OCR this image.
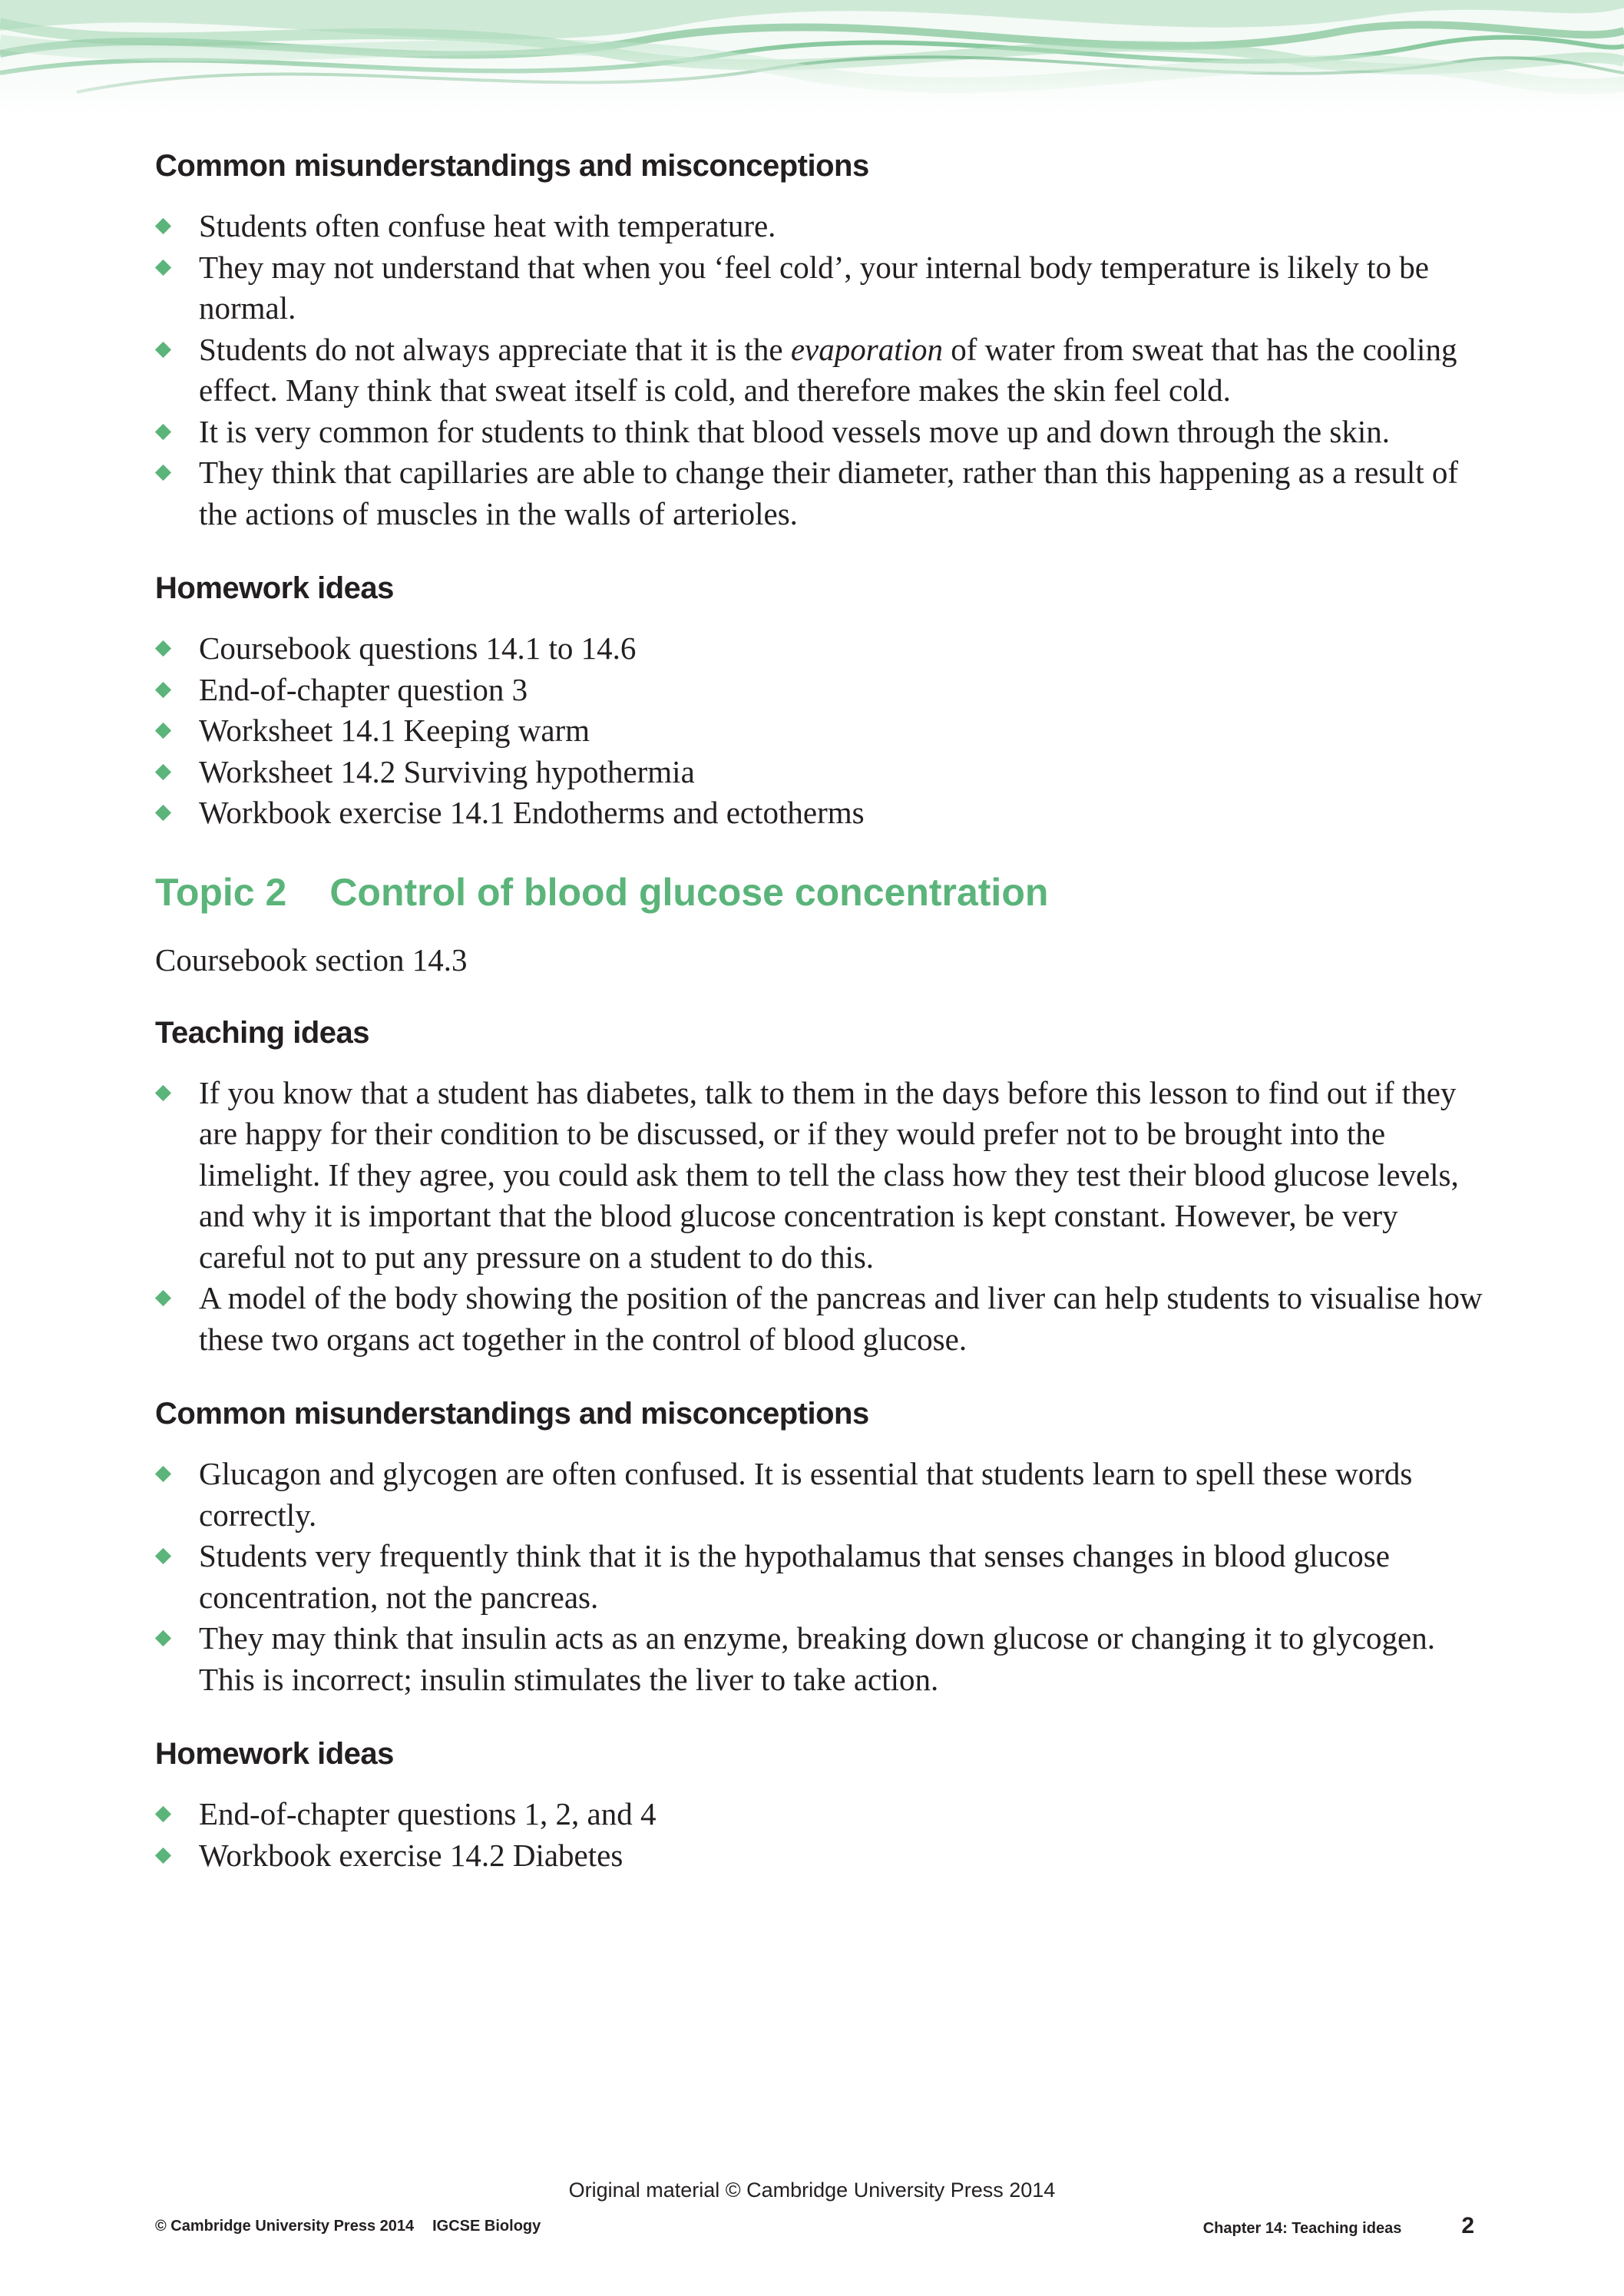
Common misunderstandings and misconceptions
Students often confuse heat with temperature.
They may not understand that when you ‘feel cold’, your internal body temperature is likely to be normal.
Students do not always appreciate that it is the evaporation of water from sweat that has the cooling effect. Many think that sweat itself is cold, and therefore makes the skin feel cold.
It is very common for students to think that blood vessels move up and down through the skin.
They think that capillaries are able to change their diameter, rather than this happening as a result of the actions of muscles in the walls of arterioles.
Homework ideas
Coursebook questions 14.1 to 14.6
End-of-chapter question 3
Worksheet 14.1 Keeping warm
Worksheet 14.2 Surviving hypothermia
Workbook exercise 14.1 Endotherms and ectotherms
Topic 2 Control of blood glucose concentration
Coursebook section 14.3
Teaching ideas
If you know that a student has diabetes, talk to them in the days before this lesson to find out if they are happy for their condition to be discussed, or if they would prefer not to be brought into the limelight. If they agree, you could ask them to tell the class how they test their blood glucose levels, and why it is important that the blood glucose concentration is kept constant. However, be very careful not to put any pressure on a student to do this.
A model of the body showing the position of the pancreas and liver can help students to visualise how these two organs act together in the control of blood glucose.
Common misunderstandings and misconceptions
Glucagon and glycogen are often confused. It is essential that students learn to spell these words correctly.
Students very frequently think that it is the hypothalamus that senses changes in blood glucose concentration, not the pancreas.
They may think that insulin acts as an enzyme, breaking down glucose or changing it to glycogen. This is incorrect; insulin stimulates the liver to take action.
Homework ideas
End-of-chapter questions 1, 2, and 4
Workbook exercise 14.2 Diabetes
Original material © Cambridge University Press 2014
© Cambridge University Press 2014 IGCSE Biology	Chapter 14: Teaching ideas	2
